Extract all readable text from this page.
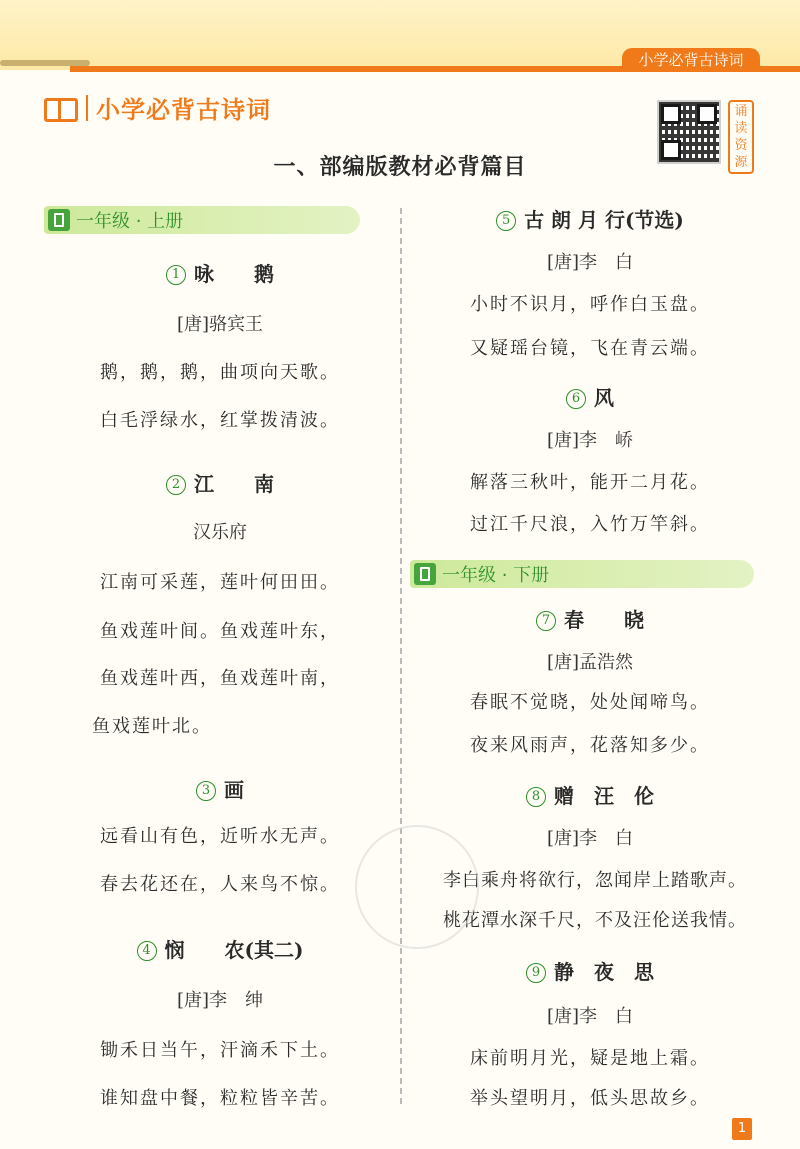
小学必背古诗词
小学必背古诗词	诵
读
资
源
一、部编版教材必背篇目
一年级 · 上册
1 咏　　鹅
[唐]骆宾王
鹅，鹅，鹅，曲项向天歌。
白毛浮绿水，红掌拨清波。
2 江　　南
汉乐府
江南可采莲，莲叶何田田。
鱼戏莲叶间。鱼戏莲叶东，
鱼戏莲叶西，鱼戏莲叶南，
鱼戏莲叶北。
3 画
远看山有色，近听水无声。
春去花还在，人来鸟不惊。
4 悯　　农(其二)
[唐]李　绅
锄禾日当午，汗滴禾下土。
谁知盘中餐，粒粒皆辛苦。
5 古 朗 月 行(节选)
[唐]李　白
小时不识月，呼作白玉盘。
又疑瑶台镜，飞在青云端。
6 风
[唐]李　峤
解落三秋叶，能开二月花。
过江千尺浪，入竹万竿斜。
一年级 · 下册
7 春　　晓
[唐]孟浩然
春眠不觉晓，处处闻啼鸟。
夜来风雨声，花落知多少。
8 赠　汪　伦
[唐]李　白
李白乘舟将欲行，忽闻岸上踏歌声。
桃花潭水深千尺，不及汪伦送我情。
9 静　夜　思
[唐]李　白
床前明月光，疑是地上霜。
举头望明月，低头思故乡。
1
